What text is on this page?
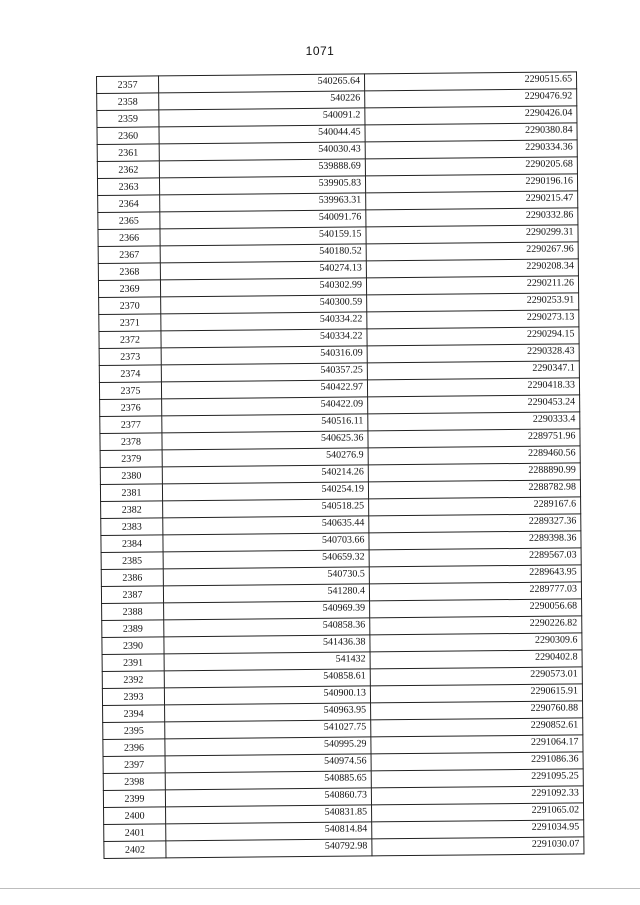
1071
2357	540265.64	2290515.65
2358	540226	2290476.92
2359	540091.2	2290426.04
2360	540044.45	2290380.84
2361	540030.43	2290334.36
2362	539888.69	2290205.68
2363	539905.83	2290196.16
2364	539963.31	2290215.47
2365	540091.76	2290332.86
2366	540159.15	2290299.31
2367	540180.52	2290267.96
2368	540274.13	2290208.34
2369	540302.99	2290211.26
2370	540300.59	2290253.91
2371	540334.22	2290273.13
2372	540334.22	2290294.15
2373	540316.09	2290328.43
2374	540357.25	2290347.1
2375	540422.97	2290418.33
2376	540422.09	2290453.24
2377	540516.11	2290333.4
2378	540625.36	2289751.96
2379	540276.9	2289460.56
2380	540214.26	2288890.99
2381	540254.19	2288782.98
2382	540518.25	2289167.6
2383	540635.44	2289327.36
2384	540703.66	2289398.36
2385	540659.32	2289567.03
2386	540730.5	2289643.95
2387	541280.4	2289777.03
2388	540969.39	2290056.68
2389	540858.36	2290226.82
2390	541436.38	2290309.6
2391	541432	2290402.8
2392	540858.61	2290573.01
2393	540900.13	2290615.91
2394	540963.95	2290760.88
2395	541027.75	2290852.61
2396	540995.29	2291064.17
2397	540974.56	2291086.36
2398	540885.65	2291095.25
2399	540860.73	2291092.33
2400	540831.85	2291065.02
2401	540814.84	2291034.95
2402	540792.98	2291030.07
